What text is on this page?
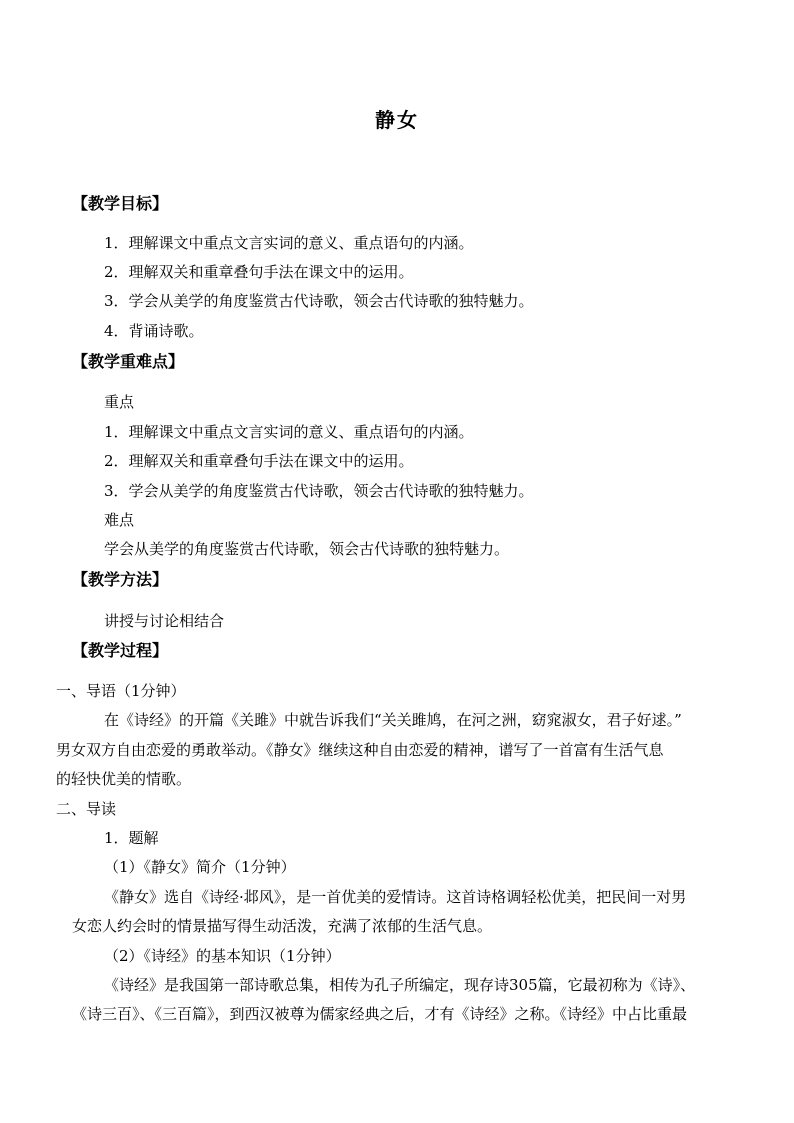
静女
【教学目标】
1．理解课文中重点文言实词的意义、重点语句的内涵。
2．理解双关和重章叠句手法在课文中的运用。
3．学会从美学的角度鉴赏古代诗歌，领会古代诗歌的独特魅力。
4．背诵诗歌。
【教学重难点】
重点
1．理解课文中重点文言实词的意义、重点语句的内涵。
2．理解双关和重章叠句手法在课文中的运用。
3．学会从美学的角度鉴赏古代诗歌，领会古代诗歌的独特魅力。
难点
学会从美学的角度鉴赏古代诗歌，领会古代诗歌的独特魅力。
【教学方法】
讲授与讨论相结合
【教学过程】
一、导语（1分钟）
在《诗经》的开篇《关雎》中就告诉我们“关关雎鸠，在河之洲，窈窕淑女，君子好逑。”
男女双方自由恋爱的勇敢举动。《静女》继续这种自由恋爱的精神，谱写了一首富有生活气息
的轻快优美的情歌。
二、导读
1．题解
（1）《静女》简介（1分钟）
《静女》选自《诗经·邶风》，是一首优美的爱情诗。这首诗格调轻松优美，把民间一对男
女恋人约会时的情景描写得生动活泼，充满了浓郁的生活气息。
（2）《诗经》的基本知识（1分钟）
《诗经》是我国第一部诗歌总集，相传为孔子所编定，现存诗305篇，它最初称为《诗》、
《诗三百》、《三百篇》，到西汉被尊为儒家经典之后，才有《诗经》之称。《诗经》中占比重最
